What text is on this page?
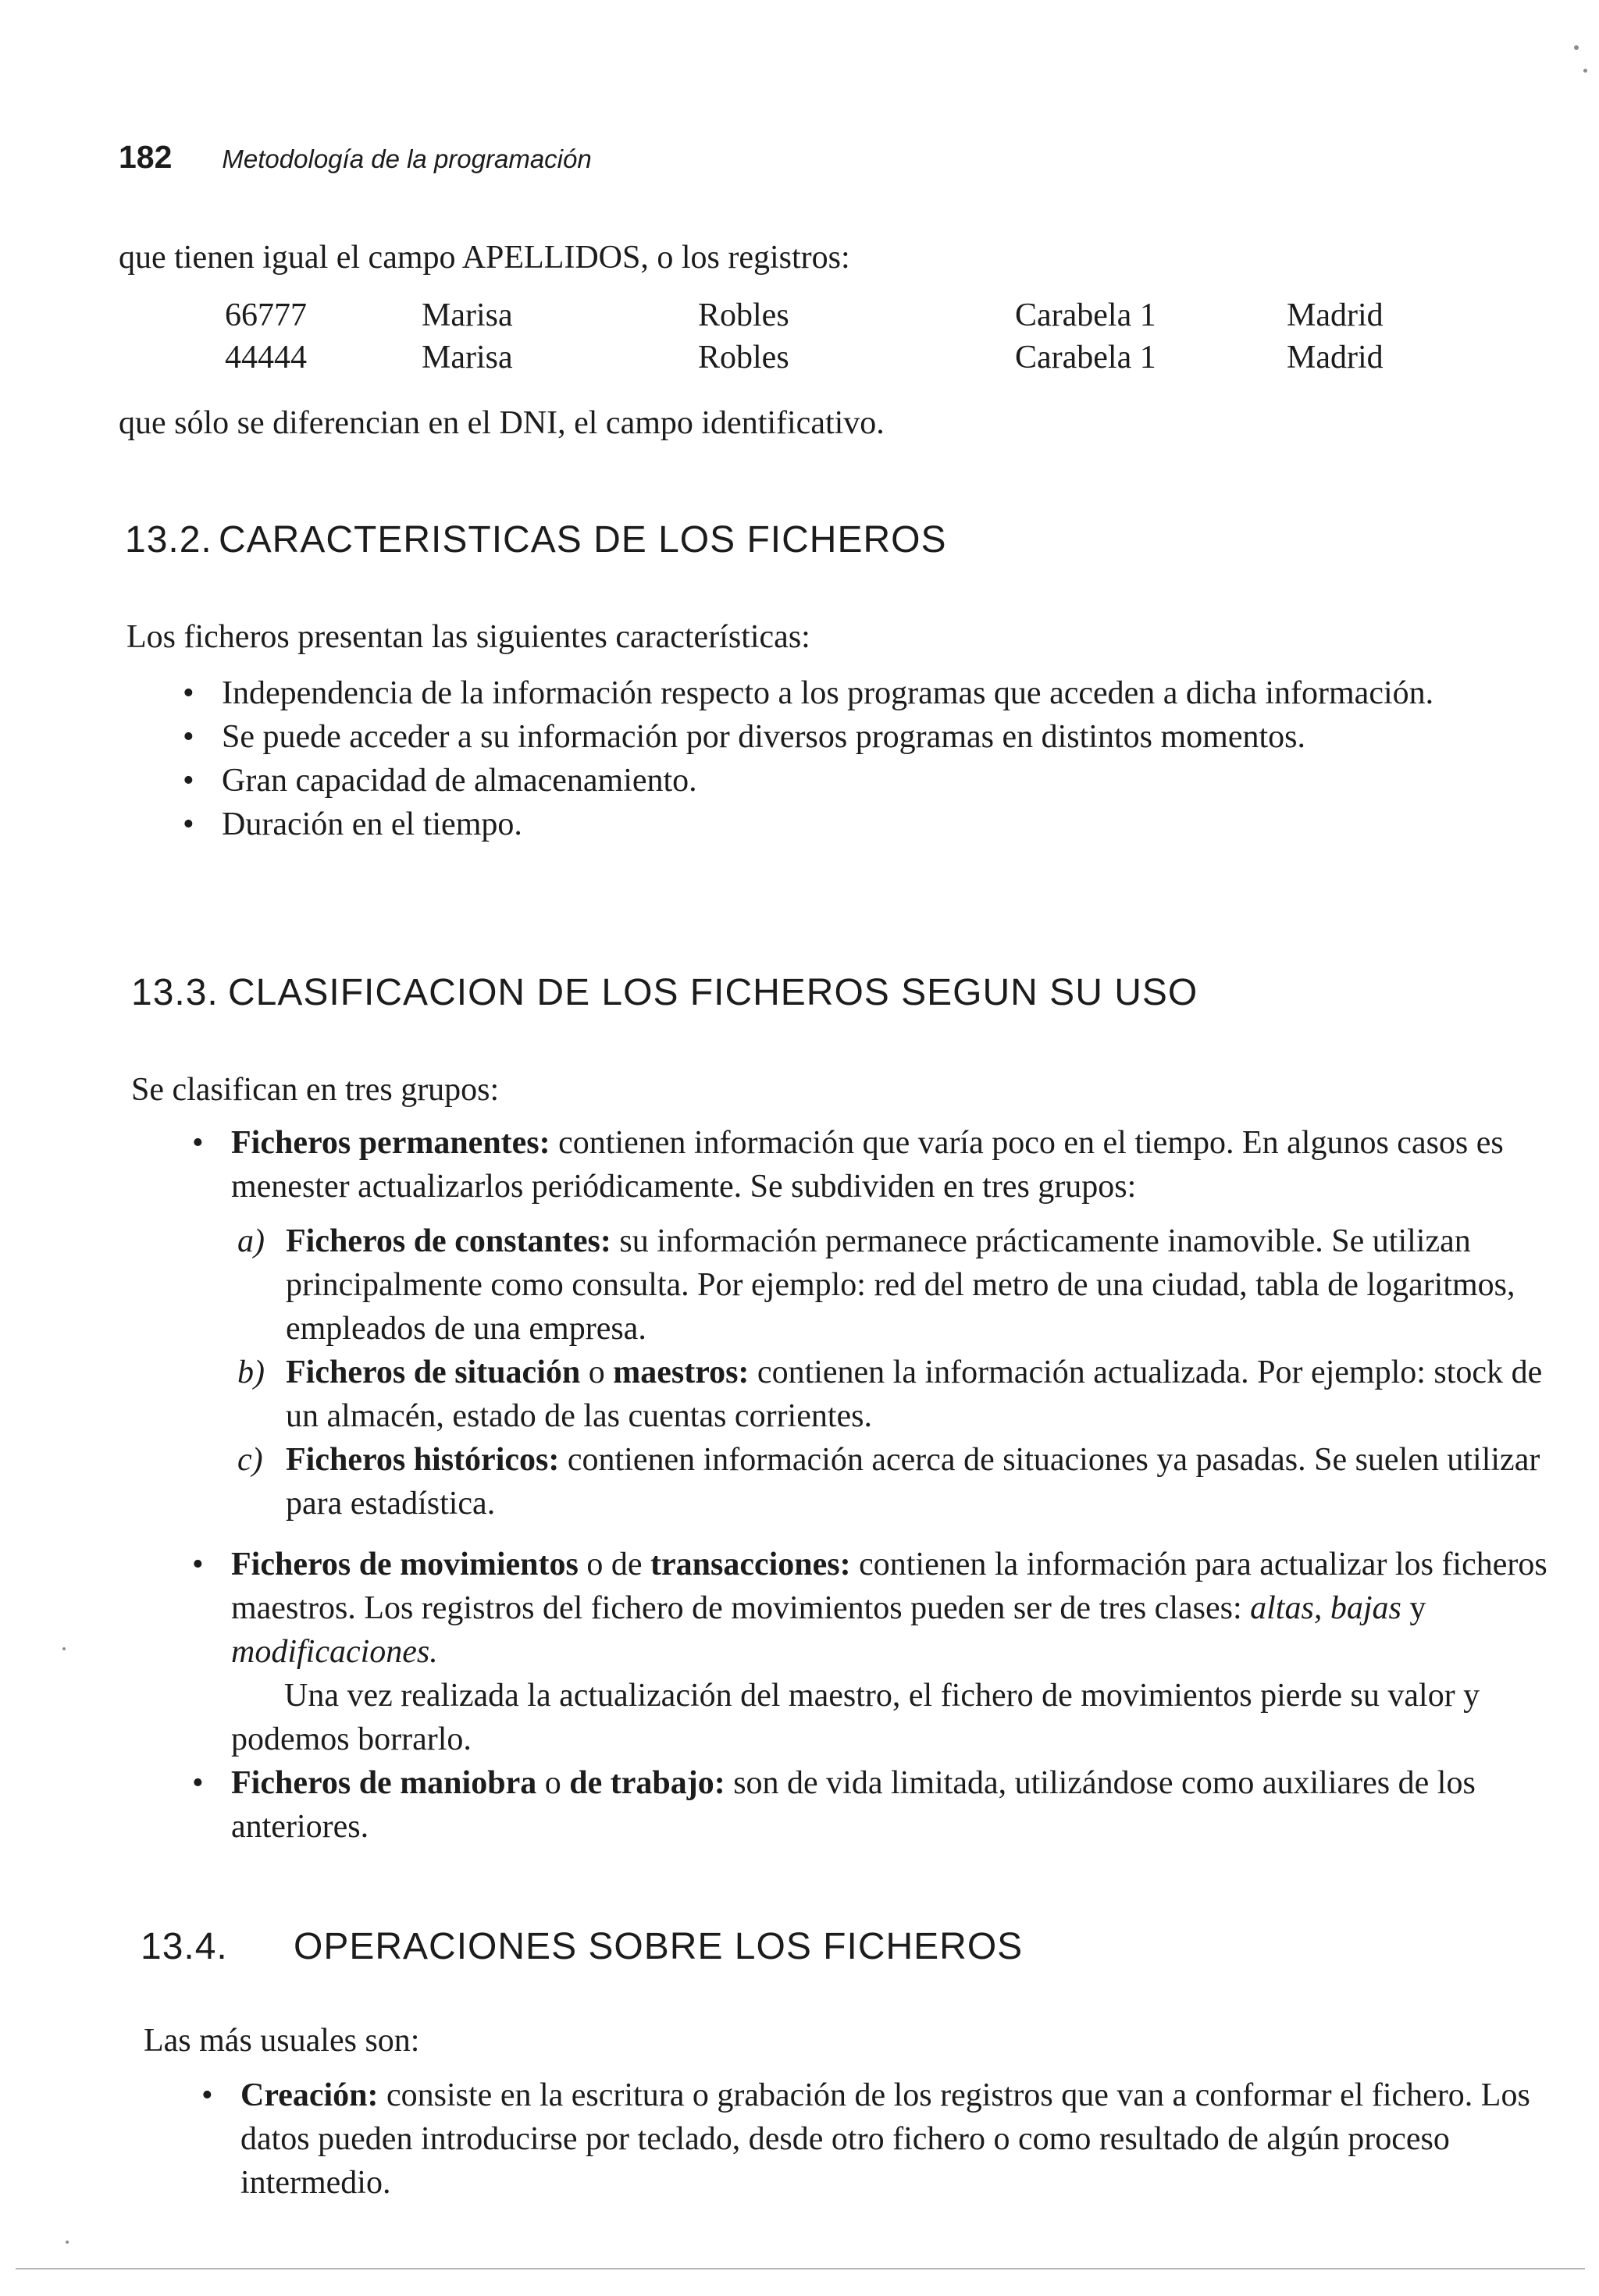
182 Metodología de la programación
que tienen igual el campo APELLIDOS, o los registros:
66777	Marisa	Robles	Carabela 1	Madrid
44444	Marisa	Robles	Carabela 1	Madrid
que sólo se diferencian en el DNI, el campo identificativo.
13.2. CARACTERISTICAS DE LOS FICHEROS
Los ficheros presentan las siguientes características:
• Independencia de la información respecto a los programas que acceden a dicha información.
• Se puede acceder a su información por diversos programas en distintos momentos.
• Gran capacidad de almacenamiento.
• Duración en el tiempo.
13.3. CLASIFICACION DE LOS FICHEROS SEGUN SU USO
Se clasifican en tres grupos:
• Ficheros permanentes: contienen información que varía poco en el tiempo. En algunos casos es menester actualizarlos periódicamente. Se subdividen en tres grupos:
a) Ficheros de constantes: su información permanece prácticamente inamovible. Se utilizan principalmente como consulta. Por ejemplo: red del metro de una ciudad, tabla de logaritmos, empleados de una empresa.
b) Ficheros de situación o maestros: contienen la información actualizada. Por ejemplo: stock de un almacén, estado de las cuentas corrientes.
c) Ficheros históricos: contienen información acerca de situaciones ya pasadas. Se suelen utilizar para estadística.
• Ficheros de movimientos o de transacciones: contienen la información para actualizar los ficheros maestros. Los registros del fichero de movimientos pueden ser de tres clases: altas, bajas y modificaciones.
Una vez realizada la actualización del maestro, el fichero de movimientos pierde su valor y podemos borrarlo.
• Ficheros de maniobra o de trabajo: son de vida limitada, utilizándose como auxiliares de los anteriores.
13.4. OPERACIONES SOBRE LOS FICHEROS
Las más usuales son:
• Creación: consiste en la escritura o grabación de los registros que van a conformar el fichero. Los datos pueden introducirse por teclado, desde otro fichero o como resultado de algún proceso intermedio.
